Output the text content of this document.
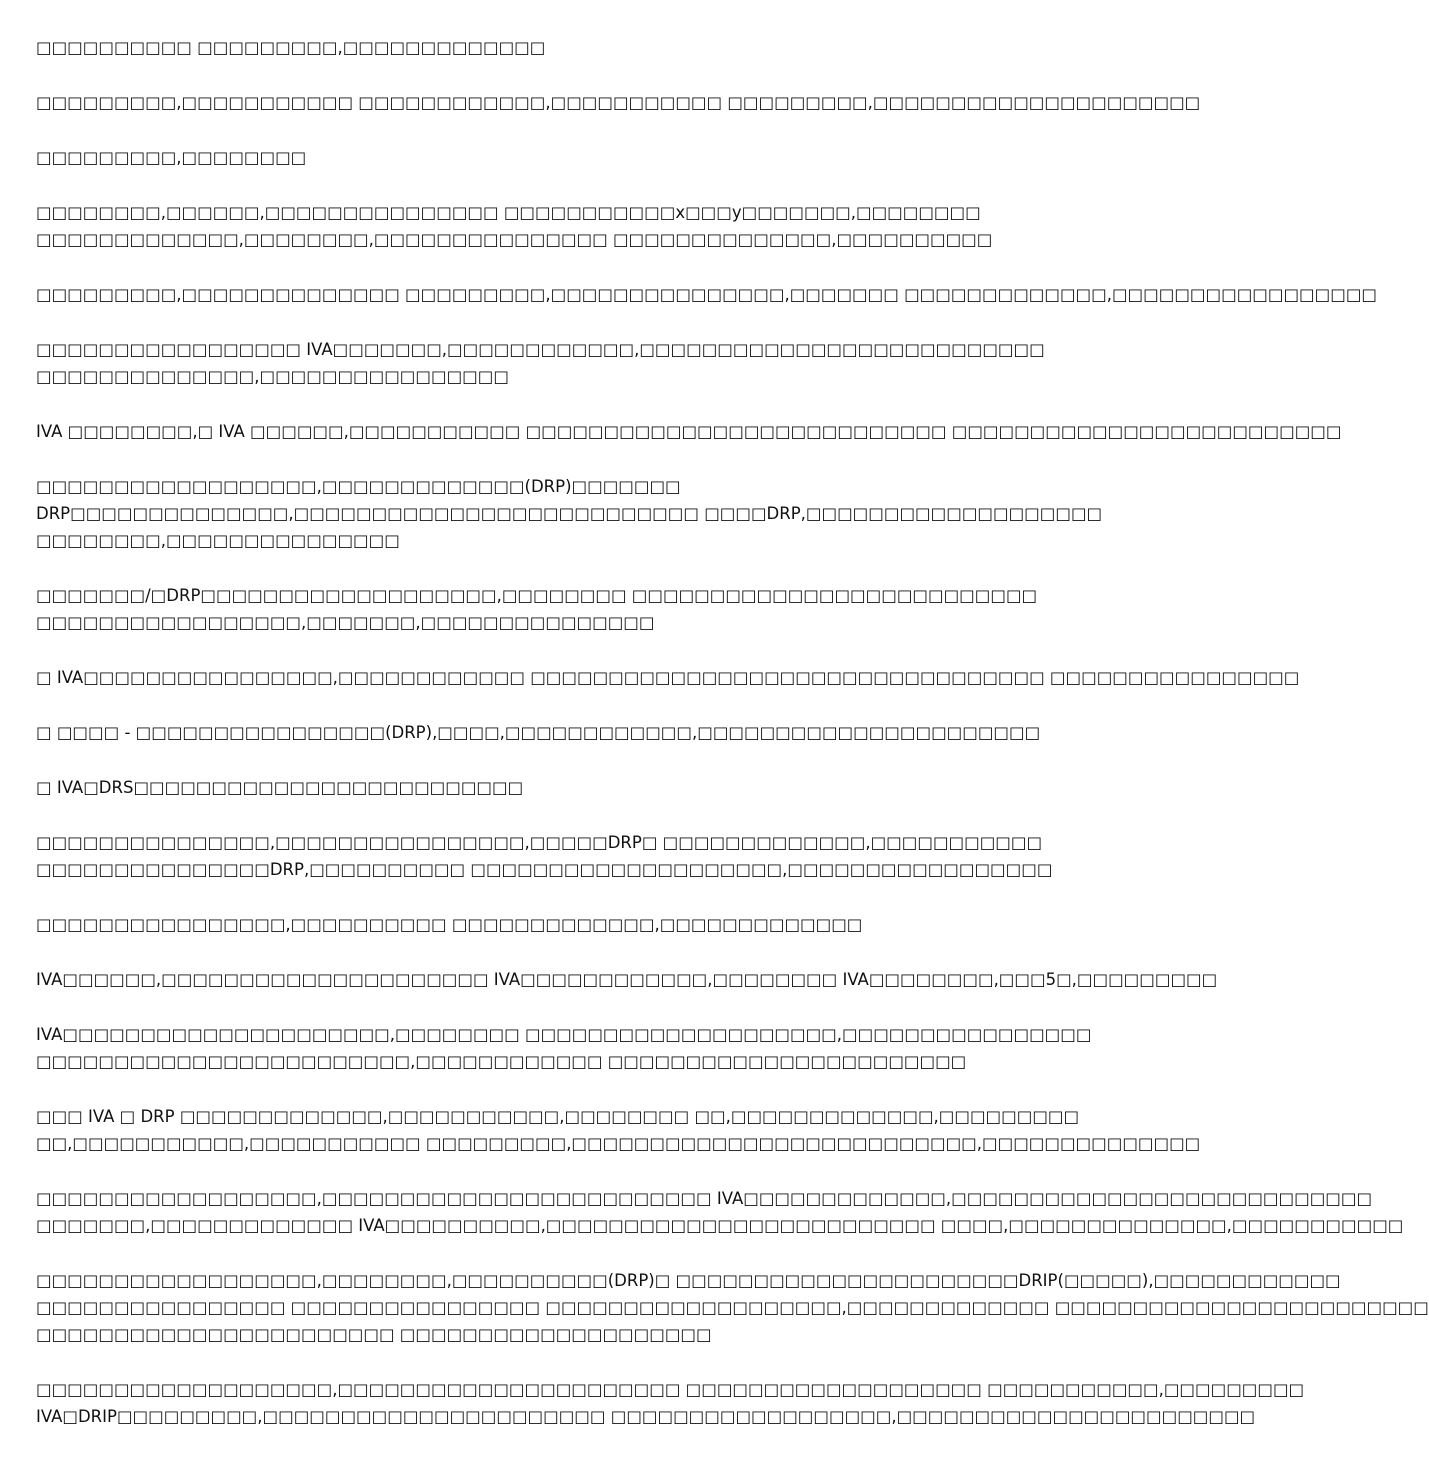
□□□□□□□□□□ □□□□□□□□□,□□□□□□□□□□□□□

□□□□□□□□□,□□□□□□□□□□□ □□□□□□□□□□□□,□□□□□□□□□□□ □□□□□□□□□,□□□□□□□□□□□□□□□□□□□□□

□□□□□□□□□,□□□□□□□□

□□□□□□□□,□□□□□□,□□□□□□□□□□□□□□□ □□□□□□□□□□□x□□□y□□□□□□□,□□□□□□□□
□□□□□□□□□□□□□,□□□□□□□□,□□□□□□□□□□□□□□□ □□□□□□□□□□□□□□,□□□□□□□□□□

□□□□□□□□□,□□□□□□□□□□□□□□ □□□□□□□□□,□□□□□□□□□□□□□□□,□□□□□□□ □□□□□□□□□□□□□,□□□□□□□□□□□□□□□□□

□□□□□□□□□□□□□□□□□ IVA□□□□□□□,□□□□□□□□□□□□,□□□□□□□□□□□□□□□□□□□□□□□□□□
□□□□□□□□□□□□□□,□□□□□□□□□□□□□□□□

IVA □□□□□□□□,□ IVA □□□□□□,□□□□□□□□□□□ □□□□□□□□□□□□□□□□□□□□□□□□□□□ □□□□□□□□□□□□□□□□□□□□□□□□□

□□□□□□□□□□□□□□□□□□,□□□□□□□□□□□□□(DRP)□□□□□□□
DRP□□□□□□□□□□□□□□,□□□□□□□□□□□□□□□□□□□□□□□□□□ □□□□DRP,□□□□□□□□□□□□□□□□□□□
□□□□□□□□,□□□□□□□□□□□□□□□

□□□□□□□/□DRP□□□□□□□□□□□□□□□□□□□,□□□□□□□□ □□□□□□□□□□□□□□□□□□□□□□□□□□
□□□□□□□□□□□□□□□□□,□□□□□□□,□□□□□□□□□□□□□□□

□ IVA□□□□□□□□□□□□□□□□,□□□□□□□□□□□□ □□□□□□□□□□□□□□□□□□□□□□□□□□□□□□□□□ □□□□□□□□□□□□□□□□

□ □□□□ - □□□□□□□□□□□□□□□□(DRP),□□□□,□□□□□□□□□□□□,□□□□□□□□□□□□□□□□□□□□□□

□ IVA□DRS□□□□□□□□□□□□□□□□□□□□□□□□□

□□□□□□□□□□□□□□□,□□□□□□□□□□□□□□□□,□□□□□DRP□ □□□□□□□□□□□□□,□□□□□□□□□□□
□□□□□□□□□□□□□□□DRP,□□□□□□□□□□ □□□□□□□□□□□□□□□□□□□□,□□□□□□□□□□□□□□□□□

□□□□□□□□□□□□□□□□,□□□□□□□□□□ □□□□□□□□□□□□□,□□□□□□□□□□□□□

IVA□□□□□□,□□□□□□□□□□□□□□□□□□□□□ IVA□□□□□□□□□□□□,□□□□□□□□ IVA□□□□□□□□,□□□5□,□□□□□□□□□

IVA□□□□□□□□□□□□□□□□□□□□□,□□□□□□□□ □□□□□□□□□□□□□□□□□□□□,□□□□□□□□□□□□□□□□
□□□□□□□□□□□□□□□□□□□□□□□□,□□□□□□□□□□□□ □□□□□□□□□□□□□□□□□□□□□□□

□□□ IVA □ DRP □□□□□□□□□□□□□,□□□□□□□□□□□,□□□□□□□□ □□,□□□□□□□□□□□□□,□□□□□□□□□
□□,□□□□□□□□□□□,□□□□□□□□□□□ □□□□□□□□□,□□□□□□□□□□□□□□□□□□□□□□□□□□,□□□□□□□□□□□□□□

□□□□□□□□□□□□□□□□□□,□□□□□□□□□□□□□□□□□□□□□□□□□ IVA□□□□□□□□□□□□□,□□□□□□□□□□□□□□□□□□□□□□□□□□□
□□□□□□□,□□□□□□□□□□□□□ IVA□□□□□□□□□□,□□□□□□□□□□□□□□□□□□□□□□□□□ □□□□,□□□□□□□□□□□□□□,□□□□□□□□□□□

□□□□□□□□□□□□□□□□□□,□□□□□□□□,□□□□□□□□□□(DRP)□ □□□□□□□□□□□□□□□□□□□□□□DRIP(□□□□□),□□□□□□□□□□□□
□□□□□□□□□□□□□□□□ □□□□□□□□□□□□□□□□ □□□□□□□□□□□□□□□□□□□,□□□□□□□□□□□□□ □□□□□□□□□□□□□□□□□□□□□□□□
□□□□□□□□□□□□□□□□□□□□□□□ □□□□□□□□□□□□□□□□□□□□

□□□□□□□□□□□□□□□□□□□,□□□□□□□□□□□□□□□□□□□□□□ □□□□□□□□□□□□□□□□□□□ □□□□□□□□□□□,□□□□□□□□□
IVA□DRIP□□□□□□□□□,□□□□□□□□□□□□□□□□□□□□□□ □□□□□□□□□□□□□□□□□□,□□□□□□□□□□□□□□□□□□□□□□□
